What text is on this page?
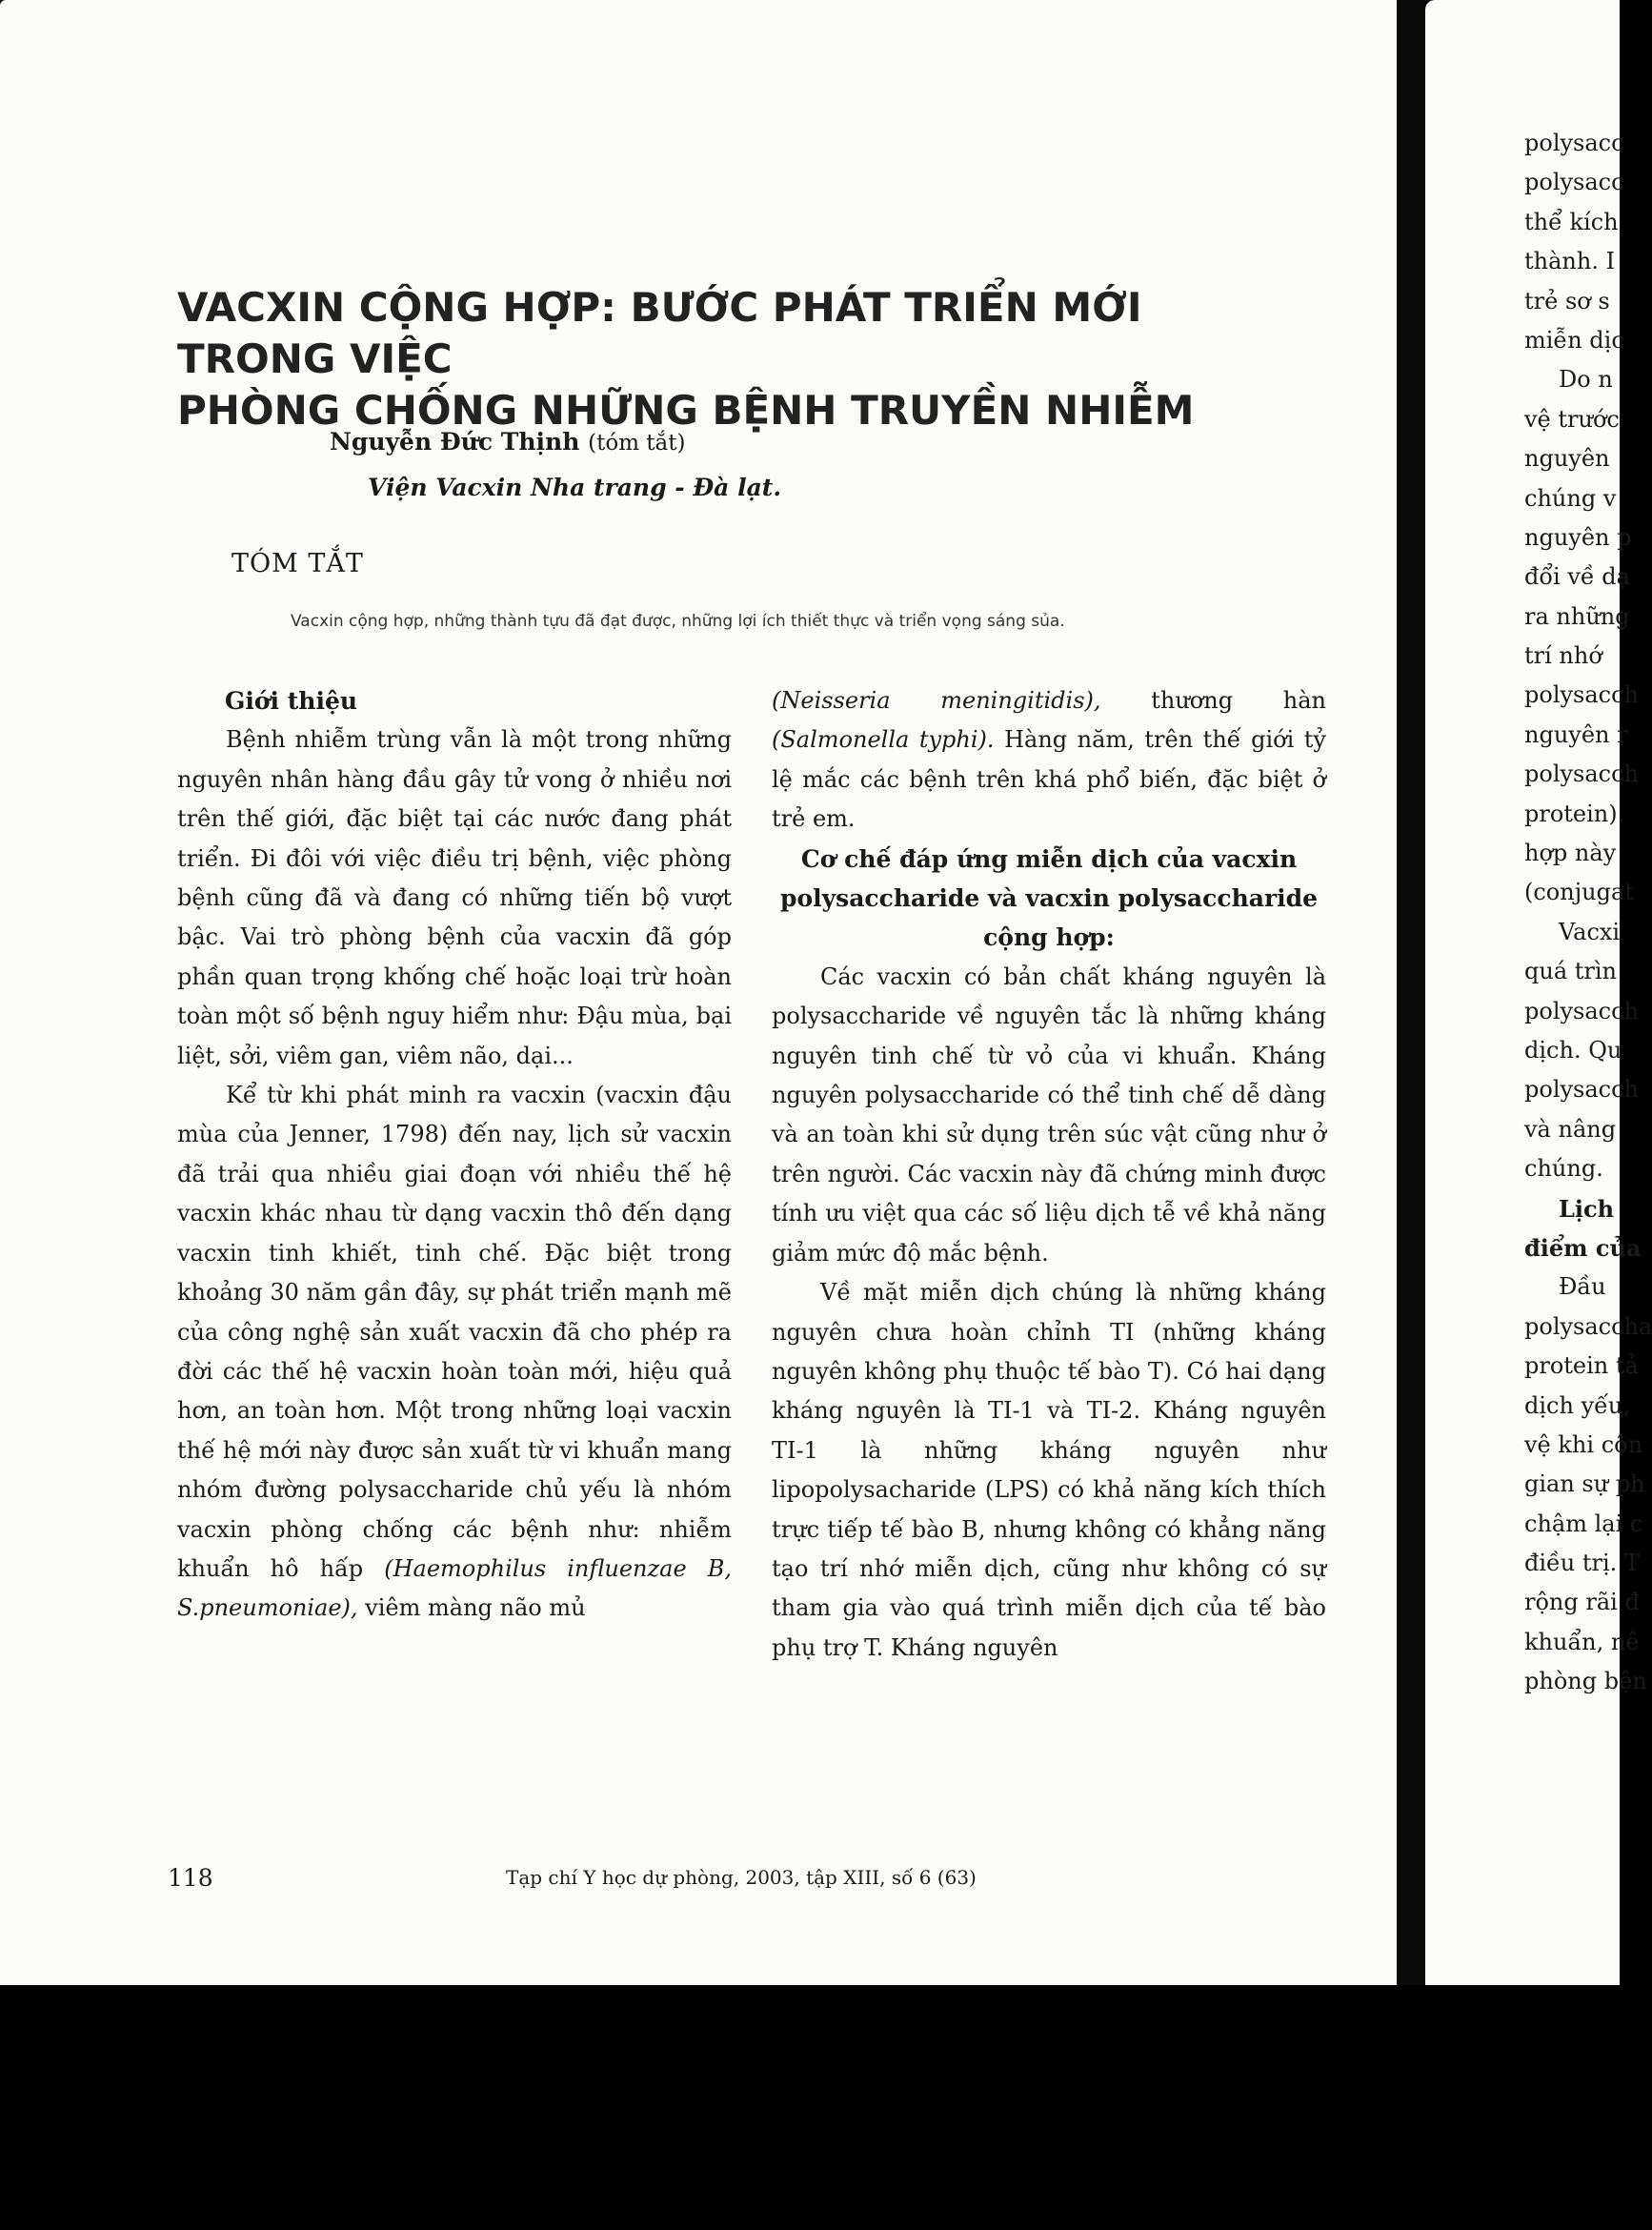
VACXIN CỘNG HỢP: BƯỚC PHÁT TRIỂN MỚI TRONG VIỆC
PHÒNG CHỐNG NHỮNG BỆNH TRUYỀN NHIỄM
Nguyễn Đức Thịnh (tóm tắt)
Viện Vacxin Nha trang - Đà lạt.
TÓM TẮT
Vacxin cộng hợp, những thành tựu đã đạt được, những lợi ích thiết thực và triển vọng sáng sủa.
Giới thiệu

Bệnh nhiễm trùng vẫn là một trong những nguyên nhân hàng đầu gây tử vong ở nhiều nơi trên thế giới, đặc biệt tại các nước đang phát triển. Đi đôi với việc điều trị bệnh, việc phòng bệnh cũng đã và đang có những tiến bộ vượt bậc. Vai trò phòng bệnh của vacxin đã góp phần quan trọng khống chế hoặc loại trừ hoàn toàn một số bệnh nguy hiểm như: Đậu mùa, bại liệt, sởi, viêm gan, viêm não, dại...

Kể từ khi phát minh ra vacxin (vacxin đậu mùa của Jenner, 1798) đến nay, lịch sử vacxin đã trải qua nhiều giai đoạn với nhiều thế hệ vacxin khác nhau từ dạng vacxin thô đến dạng vacxin tinh khiết, tinh chế. Đặc biệt trong khoảng 30 năm gần đây, sự phát triển mạnh mẽ của công nghệ sản xuất vacxin đã cho phép ra đời các thế hệ vacxin hoàn toàn mới, hiệu quả hơn, an toàn hơn. Một trong những loại vacxin thế hệ mới này được sản xuất từ vi khuẩn mang nhóm đường polysaccharide chủ yếu là nhóm vacxin phòng chống các bệnh như: nhiễm khuẩn hô hấp (Haemophilus influenzae B, S.pneumoniae), viêm màng não mủ

(Neisseria meningitidis), thương hàn (Salmonella typhi). Hàng năm, trên thế giới tỷ lệ mắc các bệnh trên khá phổ biến, đặc biệt ở trẻ em.

Cơ chế đáp ứng miễn dịch của vacxin polysaccharide và vacxin polysaccharide cộng hợp:

Các vacxin có bản chất kháng nguyên là polysaccharide về nguyên tắc là những kháng nguyên tinh chế từ vỏ của vi khuẩn. Kháng nguyên polysaccharide có thể tinh chế dễ dàng và an toàn khi sử dụng trên súc vật cũng như ở trên người. Các vacxin này đã chứng minh được tính ưu việt qua các số liệu dịch tễ về khả năng giảm mức độ mắc bệnh.

Về mặt miễn dịch chúng là những kháng nguyên chưa hoàn chỉnh TI (những kháng nguyên không phụ thuộc tế bào T). Có hai dạng kháng nguyên là TI-1 và TI-2. Kháng nguyên TI-1 là những kháng nguyên như lipopolysacharide (LPS) có khả năng kích thích trực tiếp tế bào B, nhưng không có khẳng năng tạo trí nhớ miễn dịch, cũng như không có sự tham gia vào quá trình miễn dịch của tế bào phụ trợ T. Kháng nguyên

118	Tạp chí Y học dự phòng, 2003, tập XIII, số 6 (63)
polysacc
polysacc
thể kích
thành. I
trẻ sơ s
miễn dịc
Do n
vệ trước
nguyên
chúng v
nguyên p
đổi về dạ
ra những
trí nhớ
polysacch
nguyên r
polysacch
protein).
hợp này
(conjugat
Vacxi
quá trìn
polysacch
dịch. Qu
polysacch
và nâng
chúng.
Lịch
điểm của
Đầu
polysaccha
protein tả
dịch yếu,
vệ khi cộn
gian sự ph
chậm lại c
điều trị. T
rộng rãi đ
khuẩn, nê
phòng bện
